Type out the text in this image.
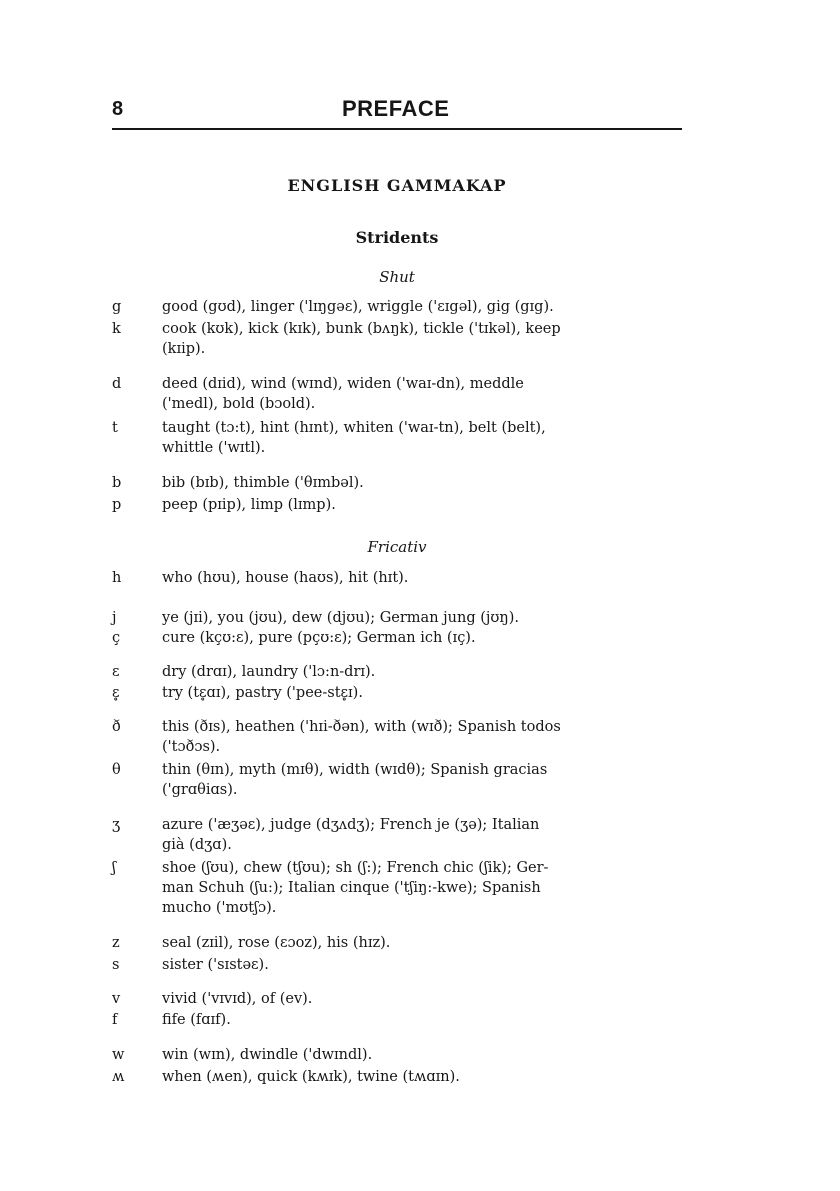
8	PREFACE
ENGLISH GAMMAKAP
Stridents
Shut
g	good (gʊd), linger ('lɪŋgəɛ), wriggle ('ɛɪgəl), gig (gɪg).
k	cook (kʊk), kick (kɪk), bunk (bʌŋk), tickle ('tɪkəl), keep
(kɪip).
d	deed (dɪid), wind (wɪnd), widen ('waɪ-dn), meddle
('medl), bold (bɔold).
t	taught (tɔ:t), hint (hɪnt), whiten ('waɪ-tn), belt (belt),
whittle ('wɪtl).
b	bib (bɪb), thimble ('θɪmbəl).
p	peep (pɪip), limp (lɪmp).
Fricativ
h	who (hʊu), house (haʊs), hit (hɪt).
j	ye (jɪi), you (jʊu), dew (djʊu); German jung (jʊŋ).
ç	cure (kçʊ:ɛ), pure (pçʊ:ɛ); German ich (ɪç).
ɛ	dry (drɑɪ), laundry ('lɔ:n-drɪ).
ɛ̥	try (tɛ̥ɑɪ), pastry ('pee-stɛ̥ɪ).
ð	this (ðɪs), heathen ('hɪi-ðən), with (wɪð); Spanish todos
('tɔðɔs).
θ	thin (θɪn), myth (mɪθ), width (wɪdθ); Spanish gracias
('grɑθiɑs).
ʒ	azure ('æʒəɛ), judge (dʒʌdʒ); French je (ʒə); Italian
già (dʒɑ).
ʃ	shoe (ʃʊu), chew (tʃʊu); sh (ʃ:); French chic (ʃik); Ger-
man Schuh (ʃu:); Italian cinque ('tʃiŋ:-kwe); Spanish
mucho ('mʊtʃɔ).
z	seal (zɪil), rose (ɛɔoz), his (hɪz).
s	sister ('sɪstəɛ).
v	vivid ('vɪvɪd), of (ev).
f	fife (fɑɪf).
w	win (wɪn), dwindle ('dwɪndl).
ʍ	when (ʍen), quick (kʍɪk), twine (tʍɑɪn).
